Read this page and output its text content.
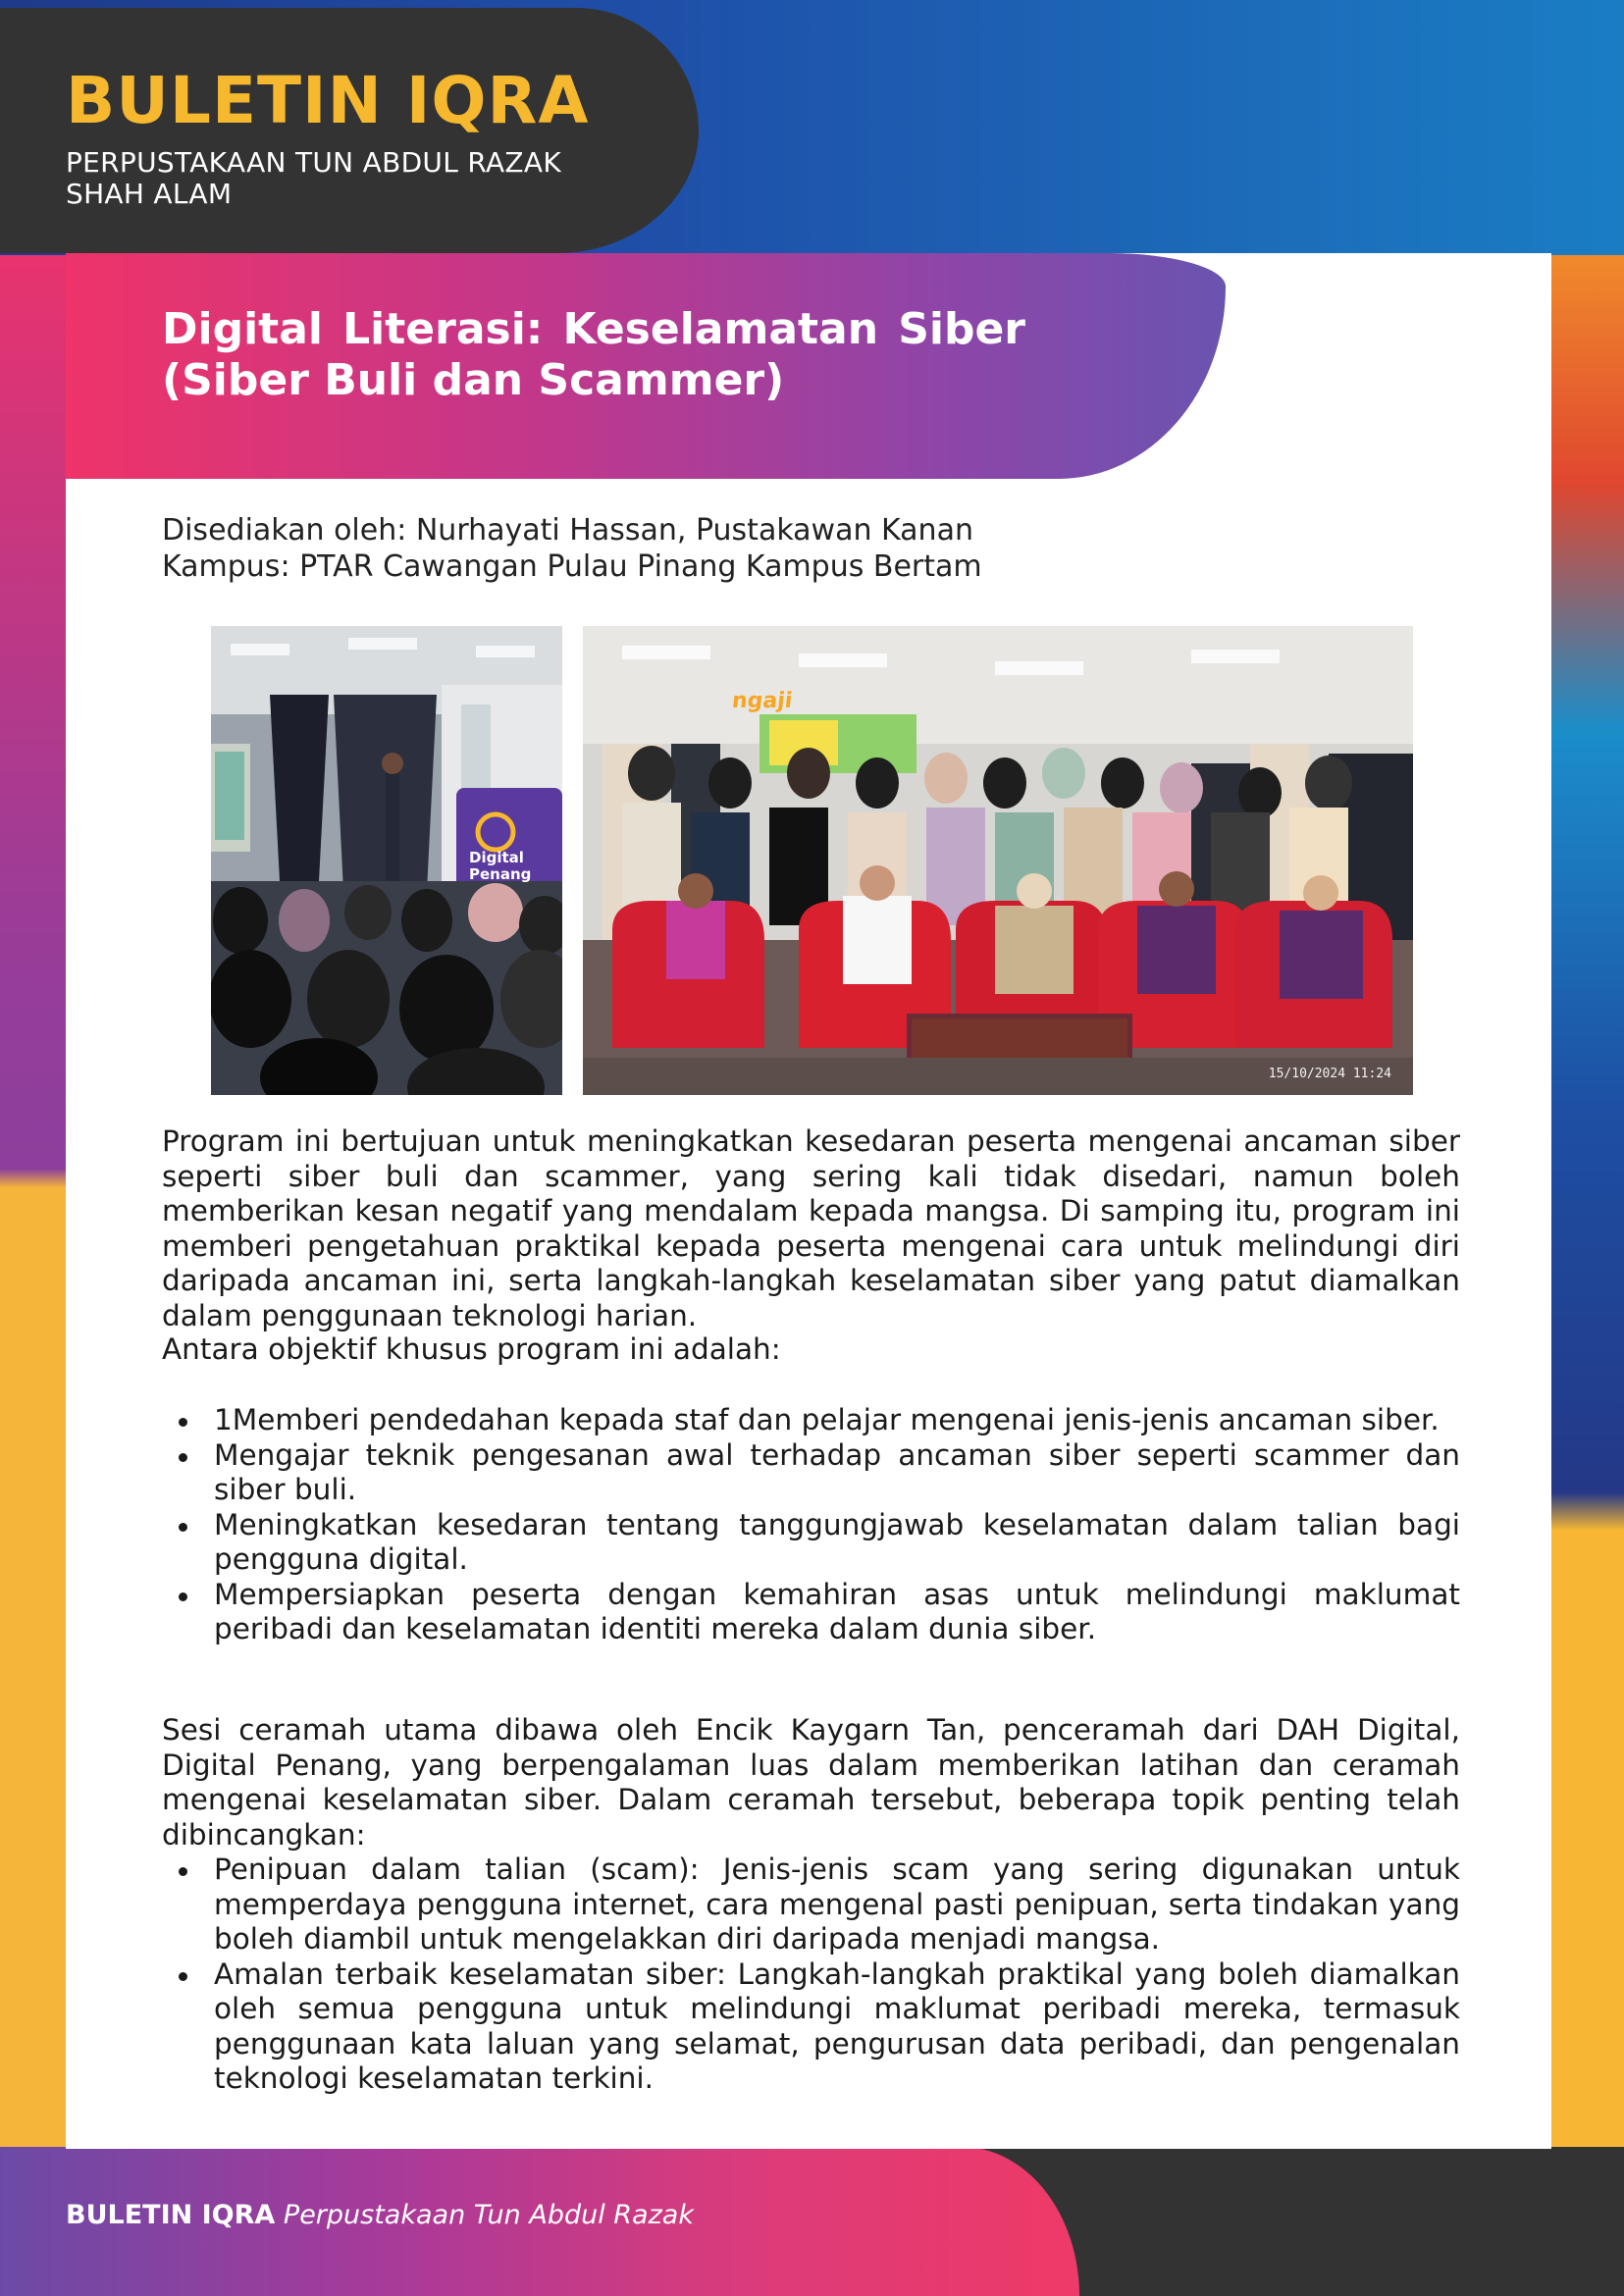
BULETIN IQRA
PERPUSTAKAAN TUN ABDUL RAZAK
SHAH ALAM
Digital Literasi: Keselamatan Siber (Siber Buli dan Scammer)
Disediakan oleh: Nurhayati Hassan, Pustakawan Kanan
Kampus: PTAR Cawangan Pulau Pinang Kampus Bertam
Digital Penang
ngaji
15/10/2024 11:24

Program ini bertujuan untuk meningkatkan kesedaran peserta mengenai ancaman siber seperti siber buli dan scammer, yang sering kali tidak disedari, namun boleh memberikan kesan negatif yang mendalam kepada mangsa. Di samping itu, program ini memberi pengetahuan praktikal kepada peserta mengenai cara untuk melindungi diri daripada ancaman ini, serta langkah-langkah keselamatan siber yang patut diamalkan dalam penggunaan teknologi harian.

Antara objektif khusus program ini adalah:

1Memberi pendedahan kepada staf dan pelajar mengenai jenis-jenis ancaman siber.
Mengajar teknik pengesanan awal terhadap ancaman siber seperti scammer dan siber buli.
Meningkatkan kesedaran tentang tanggungjawab keselamatan dalam talian bagi pengguna digital.
Mempersiapkan peserta dengan kemahiran asas untuk melindungi maklumat peribadi dan keselamatan identiti mereka dalam dunia siber.

Sesi ceramah utama dibawa oleh Encik Kaygarn Tan, penceramah dari DAH Digital, Digital Penang, yang berpengalaman luas dalam memberikan latihan dan ceramah mengenai keselamatan siber. Dalam ceramah tersebut, beberapa topik penting telah dibincangkan:

Penipuan dalam talian (scam): Jenis-jenis scam yang sering digunakan untuk memperdaya pengguna internet, cara mengenal pasti penipuan, serta tindakan yang boleh diambil untuk mengelakkan diri daripada menjadi mangsa.
Amalan terbaik keselamatan siber: Langkah-langkah praktikal yang boleh diamalkan oleh semua pengguna untuk melindungi maklumat peribadi mereka, termasuk penggunaan kata laluan yang selamat, pengurusan data peribadi, dan pengenalan teknologi keselamatan terkini.
BULETIN IQRA Perpustakaan Tun Abdul Razak
